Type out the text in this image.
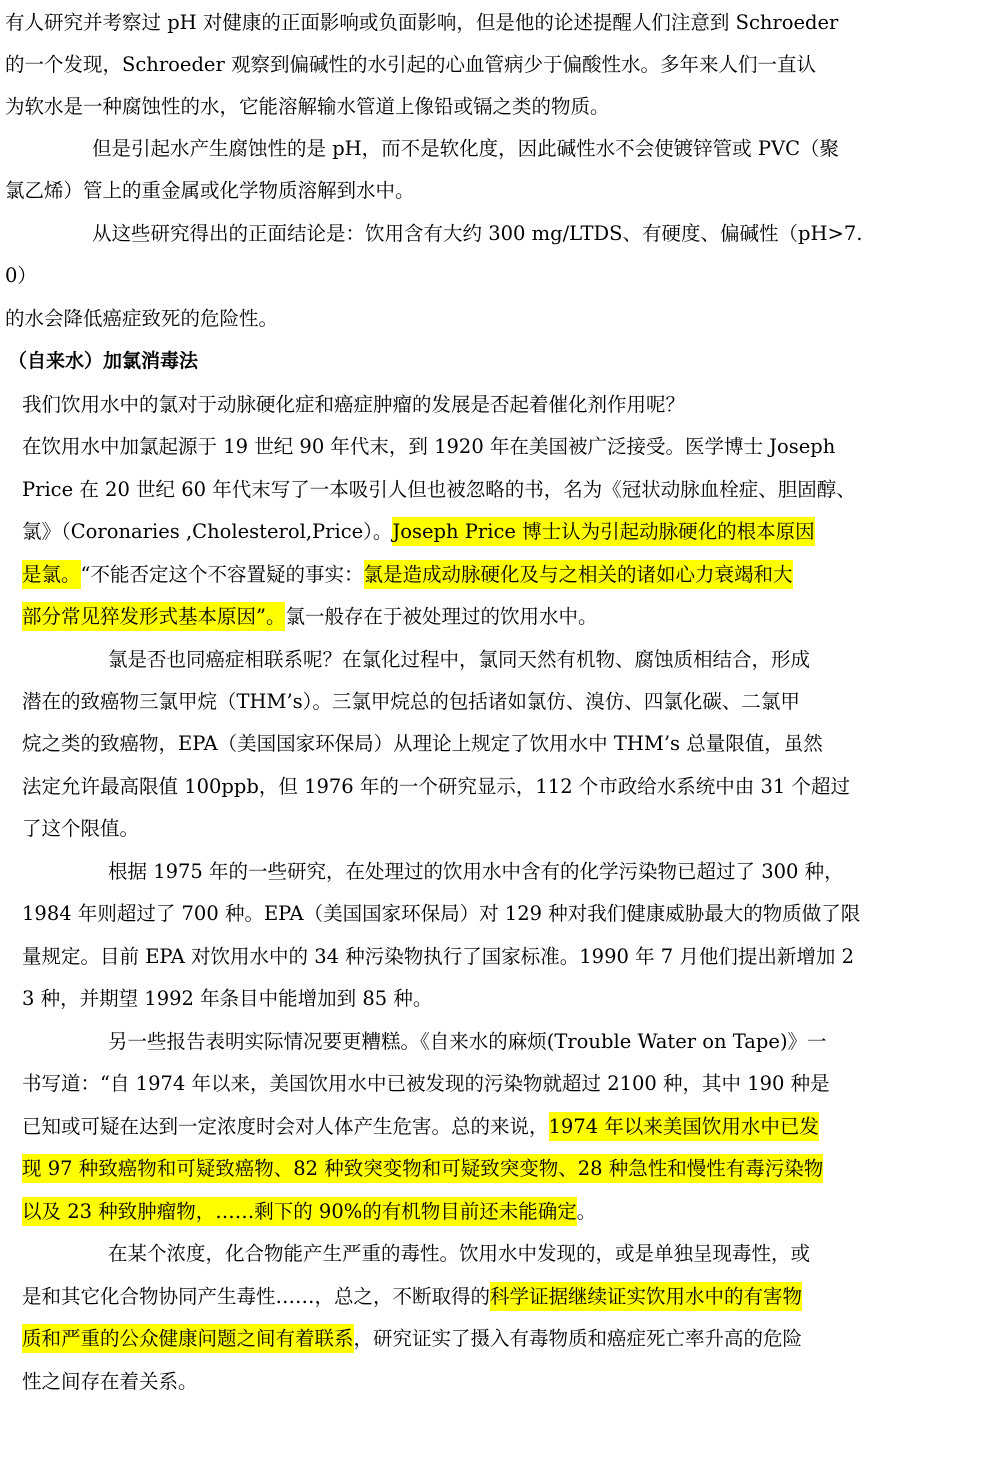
有人研究并考察过 pH 对健康的正面影响或负面影响，但是他的论述提醒人们注意到 Schroeder
的一个发现，Schroeder 观察到偏碱性的水引起的心血管病少于偏酸性水。多年来人们一直认
为软水是一种腐蚀性的水，它能溶解输水管道上像铅或镉之类的物质。
但是引起水产生腐蚀性的是 pH，而不是软化度，因此碱性水不会使镀锌管或 PVC（聚
氯乙烯）管上的重金属或化学物质溶解到水中。
从这些研究得出的正面结论是：饮用含有大约 300 mg/LTDS、有硬度、偏碱性（pH>7.
0）
的水会降低癌症致死的危险性。
（自来水）加氯消毒法
我们饮用水中的氯对于动脉硬化症和癌症肿瘤的发展是否起着催化剂作用呢？
在饮用水中加氯起源于 19 世纪 90 年代末，到 1920 年在美国被广泛接受。医学博士 Joseph
Price 在 20 世纪 60 年代末写了一本吸引人但也被忽略的书，名为《冠状动脉血栓症、胆固醇、
氯》（Coronaries ,Cholesterol,Price）。Joseph Price 博士认为引起动脉硬化的根本原因
是氯。“不能否定这个不容置疑的事实：氯是造成动脉硬化及与之相关的诸如心力衰竭和大
部分常见猝发形式基本原因”。氯一般存在于被处理过的饮用水中。
氯是否也同癌症相联系呢？在氯化过程中，氯同天然有机物、腐蚀质相结合，形成
潜在的致癌物三氯甲烷（THM’s）。三氯甲烷总的包括诸如氯仿、溴仿、四氯化碳、二氯甲
烷之类的致癌物，EPA（美国国家环保局）从理论上规定了饮用水中 THM’s 总量限值，虽然
法定允许最高限值 100ppb，但 1976 年的一个研究显示，112 个市政给水系统中由 31 个超过
了这个限值。
根据 1975 年的一些研究，在处理过的饮用水中含有的化学污染物已超过了 300 种，
1984 年则超过了 700 种。EPA（美国国家环保局）对 129 种对我们健康威胁最大的物质做了限
量规定。目前 EPA 对饮用水中的 34 种污染物执行了国家标准。1990 年 7 月他们提出新增加 2
3 种，并期望 1992 年条目中能增加到 85 种。
另一些报告表明实际情况要更糟糕。《自来水的麻烦(Trouble Water on Tape)》一
书写道：“自 1974 年以来，美国饮用水中已被发现的污染物就超过 2100 种，其中 190 种是
已知或可疑在达到一定浓度时会对人体产生危害。总的来说，1974 年以来美国饮用水中已发
现 97 种致癌物和可疑致癌物、82 种致突变物和可疑致突变物、28 种急性和慢性有毒污染物
以及 23 种致肿瘤物，……剩下的 90%的有机物目前还未能确定。
在某个浓度，化合物能产生严重的毒性。饮用水中发现的，或是单独呈现毒性，或
是和其它化合物协同产生毒性……，总之，不断取得的科学证据继续证实饮用水中的有害物
质和严重的公众健康问题之间有着联系，研究证实了摄入有毒物质和癌症死亡率升高的危险
性之间存在着关系。
